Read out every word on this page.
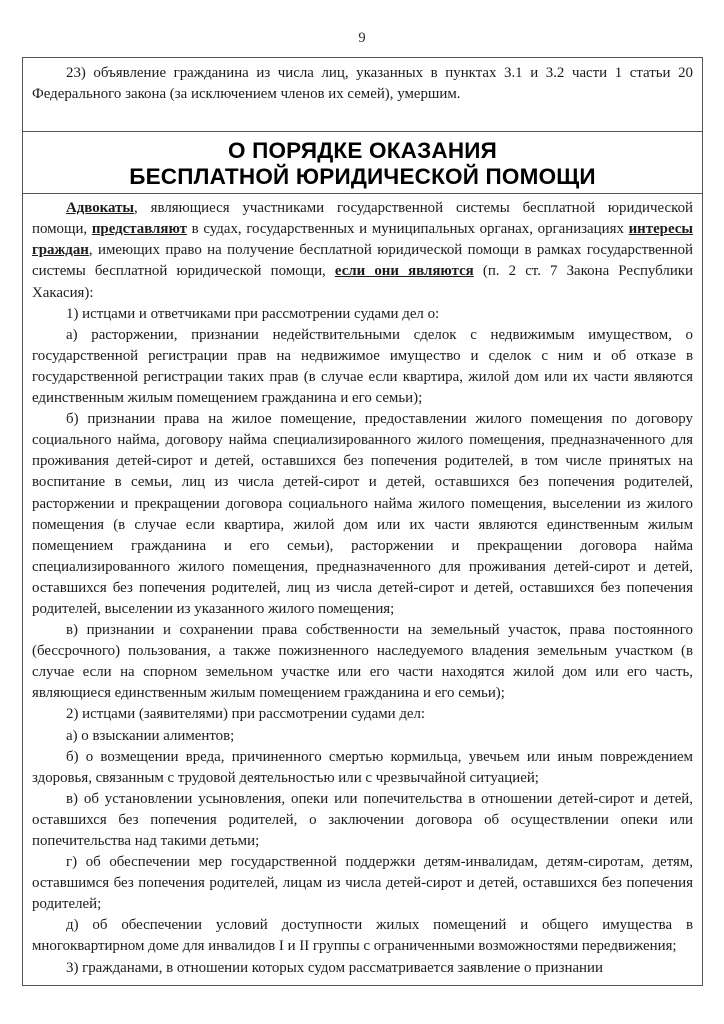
9

23) объявление гражданина из числа лиц, указанных в пунктах 3.1 и 3.2 части 1 статьи 20 Федерального закона (за исключением членов их семей), умершим.

О ПОРЯДКЕ ОКАЗАНИЯ
БЕСПЛАТНОЙ ЮРИДИЧЕСКОЙ ПОМОЩИ

Адвокаты, являющиеся участниками государственной системы бесплатной юридической помощи, представляют в судах, государственных и муниципальных органах, организациях интересы граждан, имеющих право на получение бесплатной юридической помощи в рамках государственной системы бесплатной юридической помощи, если они являются (п. 2 ст. 7 Закона Республики Хакасия):

1) истцами и ответчиками при рассмотрении судами дел о:

а) расторжении, признании недействительными сделок с недвижимым имуществом, о государственной регистрации прав на недвижимое имущество и сделок с ним и об отказе в государственной регистрации таких прав (в случае если квартира, жилой дом или их части являются единственным жилым помещением гражданина и его семьи);

б) признании права на жилое помещение, предоставлении жилого помещения по договору социального найма, договору найма специализированного жилого помещения, предназначенного для проживания детей-сирот и детей, оставшихся без попечения родителей, в том числе принятых на воспитание в семьи, лиц из числа детей-сирот и детей, оставшихся без попечения родителей, расторжении и прекращении договора социального найма жилого помещения, выселении из жилого помещения (в случае если квартира, жилой дом или их части являются единственным жилым помещением гражданина и его семьи), расторжении и прекращении договора найма специализированного жилого помещения, предназначенного для проживания детей-сирот и детей, оставшихся без попечения родителей, лиц из числа детей-сирот и детей, оставшихся без попечения родителей, выселении из указанного жилого помещения;

в) признании и сохранении права собственности на земельный участок, права постоянного (бессрочного) пользования, а также пожизненного наследуемого владения земельным участком (в случае если на спорном земельном участке или его части находятся жилой дом или его часть, являющиеся единственным жилым помещением гражданина и его семьи);

2) истцами (заявителями) при рассмотрении судами дел:

а) о взыскании алиментов;

б) о возмещении вреда, причиненного смертью кормильца, увечьем или иным повреждением здоровья, связанным с трудовой деятельностью или с чрезвычайной ситуацией;

в) об установлении усыновления, опеки или попечительства в отношении детей-сирот и детей, оставшихся без попечения родителей, о заключении договора об осуществлении опеки или попечительства над такими детьми;

г) об обеспечении мер государственной поддержки детям-инвалидам, детям-сиротам, детям, оставшимся без попечения родителей, лицам из числа детей-сирот и детей, оставшихся без попечения родителей;

д) об обеспечении условий доступности жилых помещений и общего имущества в многоквартирном доме для инвалидов I и II группы с ограниченными возможностями передвижения;

3) гражданами, в отношении которых судом рассматривается заявление о признании
